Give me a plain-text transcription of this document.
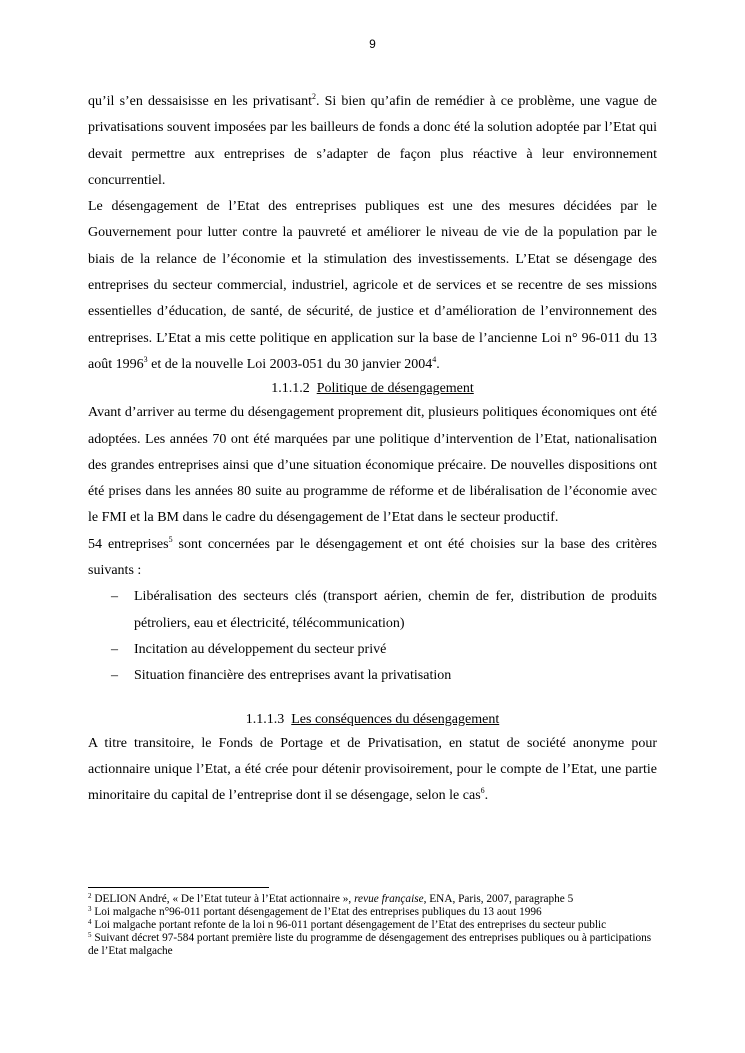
9

qu’il s’en dessaisisse en les privatisant$^2$. Si bien qu’afin de remédier à ce problème, une vague de privatisations souvent imposées par les bailleurs de fonds a donc été la solution adoptée par l’Etat qui devait permettre aux entreprises de s’adapter de façon plus réactive à leur environnement concurrentiel.

Le désengagement de l’Etat des entreprises publiques est une des mesures décidées par le Gouvernement pour lutter contre la pauvreté et améliorer le niveau de vie de la population par le biais de la relance de l’économie et la stimulation des investissements. L’Etat se désengage des entreprises du secteur commercial, industriel, agricole et de services et se recentre de ses missions essentielles d’éducation, de santé, de sécurité, de justice et d’amélioration de l’environnement des entreprises. L’Etat a mis cette politique en application sur la base de l’ancienne Loi n° 96-011 du 13 août 1996$^3$ et de la nouvelle Loi 2003-051 du 30 janvier 2004$^4$.

1.1.1.2 Politique de désengagement

Avant d’arriver au terme du désengagement proprement dit, plusieurs politiques économiques ont été adoptées. Les années 70 ont été marquées par une politique d’intervention de l’Etat, nationalisation des grandes entreprises ainsi que d’une situation économique précaire. De nouvelles dispositions ont été prises dans les années 80 suite au programme de réforme et de libéralisation de l’économie avec le FMI et la BM dans le cadre du désengagement de l’Etat dans le secteur productif.

54 entreprises$^5$ sont concernées par le désengagement et ont été choisies sur la base des critères suivants :

– Libéralisation des secteurs clés (transport aérien, chemin de fer, distribution de produits pétroliers, eau et électricité, télécommunication)
– Incitation au développement du secteur privé
– Situation financière des entreprises avant la privatisation

1.1.1.3 Les conséquences du désengagement

A titre transitoire, le Fonds de Portage et de Privatisation, en statut de société anonyme pour actionnaire unique l’Etat, a été crée pour détenir provisoirement, pour le compte de l’Etat, une partie minoritaire du capital de l’entreprise dont il se désengage, selon le cas$^6$.

$^2$ DELION André, « De l’Etat tuteur à l’Etat actionnaire », revue française, ENA, Paris, 2007, paragraphe 5

$^3$ Loi malgache n°96-011 portant désengagement de l’Etat des entreprises publiques du 13 aout 1996

$^4$ Loi malgache portant refonte de la loi n 96-011 portant désengagement de l’Etat des entreprises du secteur public

$^5$ Suivant décret 97-584 portant première liste du programme de désengagement des entreprises publiques ou à participations de l’Etat malgache
